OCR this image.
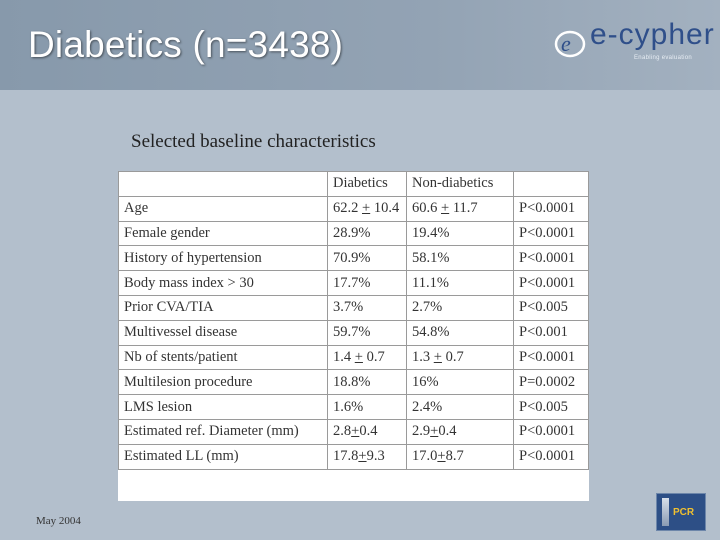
Diabetics (n=3438)	e e-cypher
Enabling evaluation
Selected baseline characteristics
	Diabetics	Non-diabetics	
Age	62.2 + 10.4	60.6 + 11.7	P<0.0001
Female gender	28.9%	19.4%	P<0.0001
History of hypertension	70.9%	58.1%	P<0.0001
Body mass index > 30	17.7%	11.1%	P<0.0001
Prior CVA/TIA	3.7%	2.7%	P<0.005
Multivessel disease	59.7%	54.8%	P<0.001
Nb of stents/patient	1.4 + 0.7	1.3 + 0.7	P<0.0001
Multilesion procedure	18.8%	16%	P=0.0002
LMS lesion	1.6%	2.4%	P<0.005
Estimated ref. Diameter (mm)	2.8+0.4	2.9+0.4	P<0.0001
Estimated LL (mm)	17.8+9.3	17.0+8.7	P<0.0001
May 2004
PCR
